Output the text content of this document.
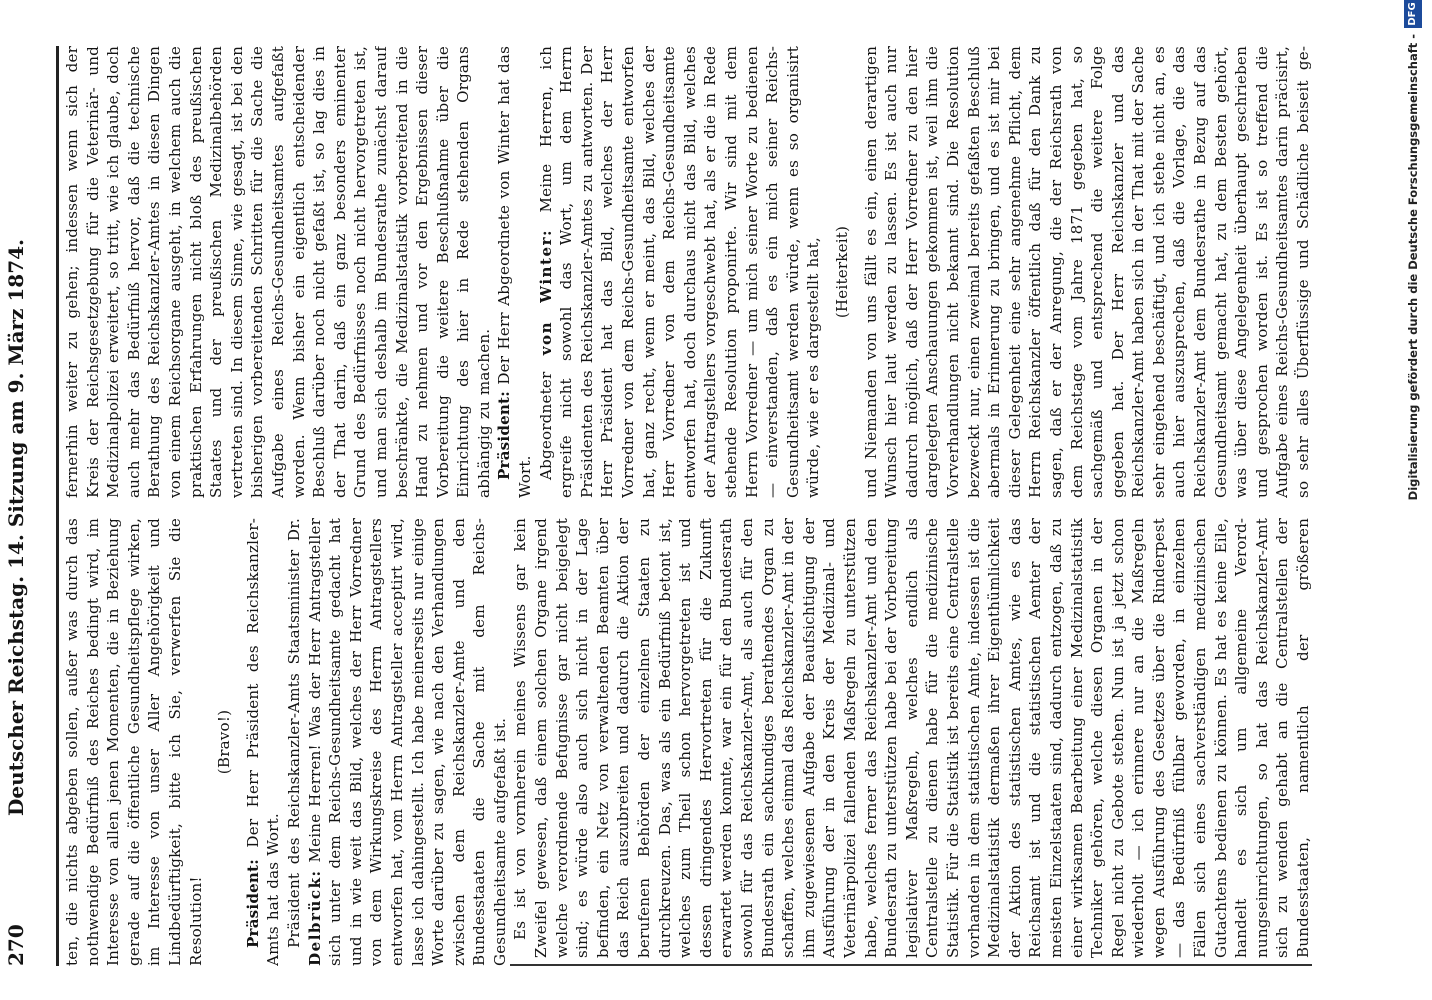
270
Deutscher Reichstag. 14. Sitzung am 9. März 1874. ten, die nichts abgeben sollen, außer was durch das nothwendige Bedürfniß des Reiches bedingt wird, im Interesse von allen jenen Momenten, die in Beziehung gerade auf die öffentliche Gesundheitspflege wirken, im Interesse von unser Aller Angehörigkeit und Lindbedürftigkeit, bitte ich Sie, verwerfen Sie die Resolution!

(Bravo!)

Präsident: Der Herr Präsident des Reichskanzler-Amts hat das Wort. Präsident des Reichskanzler-Amts Staatsminister Dr. Delbrück: Meine Herren! Was der Herr Antragsteller sich unter dem Reichs-Gesundheitsamte gedacht hat und in wie weit das Bild, welches der Herr Vorredner von dem Wirkungskreise des Herrn Antragstellers entworfen hat, vom Herrn Antragsteller acceptirt wird, lasse ich dahingestellt. Ich habe meinerseits nur einige Worte darüber zu sagen, wie nach den Verhandlungen zwischen dem Reichskanzler-Amte und den Bundesstaaten die Sache mit dem Reichs-Gesundheitsamte aufgefaßt ist. Es ist von vornherein meines Wissens gar kein Zweifel gewesen, daß einem solchen Organe irgend welche verordnende Befugnisse gar nicht beigelegt sind; es würde also auch sich nicht in der Lage befinden, ein Netz von verwaltenden Beamten über das Reich auszubreiten und dadurch die Aktion der berufenen Behörden der einzelnen Staaten zu durchkreuzen. Das, was als ein Bedürfniß betont ist, welches zum Theil schon hervorgetreten ist und dessen dringendes Hervortreten für die Zukunft erwartet werden konnte, war ein für den Bundesrath sowohl für das Reichskanzler-Amt, als auch für den Bundesrath ein sachkundiges berathendes Organ zu schaffen, welches einmal das Reichskanzler-Amt in der ihm zugewiesenen Aufgabe der Beaufsichtigung der Ausführung der in den Kreis der Medizinal- und Veterinärpolizei fallenden Maßregeln zu unterstützen habe, welches ferner das Reichskanzler-Amt und den Bundesrath zu unterstützen habe bei der Vorbereitung legislativer Maßregeln, welches endlich als Centralstelle zu dienen habe für die medizinische Statistik. Für die Statistik ist bereits eine Centralstelle vorhanden in dem statistischen Amte, indessen ist die Medizinalstatistik dermaßen ihrer Eigenthümlichkeit der Aktion des statistischen Amtes, wie es das Reichsamt ist und die statistischen Aemter der meisten Einzelstaaten sind, dadurch entzogen, daß zu einer wirksamen Bearbeitung einer Medizinalstatistik Techniker gehören, welche diesen Organen in der Regel nicht zu Gebote stehen. Nun ist ja jetzt schon wiederholt — ich erinnere nur an die Maßregeln wegen Ausführung des Gesetzes über die Rinderpest — das Bedürfniß fühlbar geworden, in einzelnen Fällen sich eines sachverständigen medizinischen Gutachtens bedienen zu können. Es hat es keine Eile, handelt es sich um allgemeine Verordnungseinrichtungen, so hat das Reichskanzler-Amt sich zu wenden gehabt an die Centralstellen der Bundesstaaten, namentlich der größeren

fernerhin weiter zu gehen; indessen wenn sich der Kreis der Reichsgesetzgebung für die Veterinär- und Medizinalpolizei erweitert, so tritt, wie ich glaube, doch auch mehr das Bedürfniß hervor, daß die technische Berathung des Reichskanzler-Amtes in diesen Dingen von einem Reichsorgane ausgeht, in welchem auch die praktischen Erfahrungen nicht bloß des preußischen Staates und der preußischen Medizinalbehörden vertreten sind. In diesem Sinne, wie gesagt, ist bei den bisherigen vorbereitenden Schritten für die Sache die Aufgabe eines Reichs-Gesundheitsamtes aufgefaßt worden. Wenn bisher ein eigentlich entscheidender Beschluß darüber noch nicht gefaßt ist, so lag dies in der That darin, daß ein ganz besonders eminenter Grund des Bedürfnisses noch nicht hervorgetreten ist, und man sich deshalb im Bundesrathe zunächst darauf beschränkte, die Medizinalstatistik vorbereitend in die Hand zu nehmen und vor den Ergebnissen dieser Vorbereitung die weitere Beschlußnahme über die Einrichtung des hier in Rede stehenden Organs abhängig zu machen. Präsident: Der Herr Abgeordnete von Winter hat das Wort. Abgeordneter von Winter: Meine Herren, ich ergreife nicht sowohl das Wort, um dem Herrn Präsidenten des Reichskanzler-Amtes zu antworten. Der Herr Präsident hat das Bild, welches der Herr Vorredner von dem Reichs-Gesundheitsamte entworfen hat, ganz recht, wenn er meint, das Bild, welches der Herr Vorredner von dem Reichs-Gesundheitsamte entworfen hat, doch durchaus nicht das Bild, welches der Antragstellers vorgeschwebt hat, als er die in Rede stehende Resolution proponirte. Wir sind mit dem Herrn Vorredner — um mich seiner Worte zu bedienen — einverstanden, daß es ein mich seiner Reichs-Gesundheitsamt werden würde, wenn es so organisirt würde, wie er es dargestellt hat, (Heiterkeit)

und Niemanden von uns fällt es ein, einen derartigen Wunsch hier laut werden zu lassen. Es ist auch nur dadurch möglich, daß der Herr Vorredner zu den hier dargelegten Anschauungen gekommen ist, weil ihm die Vorverhandlungen nicht bekannt sind. Die Resolution bezweckt nur, einen zweimal bereits gefaßten Beschluß abermals in Erinnerung zu bringen, und es ist mir bei dieser Gelegenheit eine sehr angenehme Pflicht, dem Herrn Reichskanzler öffentlich daß für den Dank zu sagen, daß er der Anregung, die der Reichsrath von dem Reichstage vom Jahre 1871 gegeben hat, so sachgemäß und entsprechend die weitere Folge gegeben hat. Der Herr Reichskanzler und das Reichskanzler-Amt haben sich in der That mit der Sache sehr eingehend beschäftigt, und ich stehe nicht an, es auch hier auszusprechen, daß die Vorlage, die das Reichskanzler-Amt dem Bundesrathe in Bezug auf das Gesundheitsamt gemacht hat, zu dem Besten gehört, was über diese Angelegenheit überhaupt geschrieben und gesprochen worden ist. Es ist so treffend die Aufgabe eines Reichs-Gesundheitsamtes darin präcisirt, so sehr alles Überflüssige und Schädliche beiseit ge	Digitalisierung gefördert durch die Deutsche Forschungsgemeinschaft -
DFG
